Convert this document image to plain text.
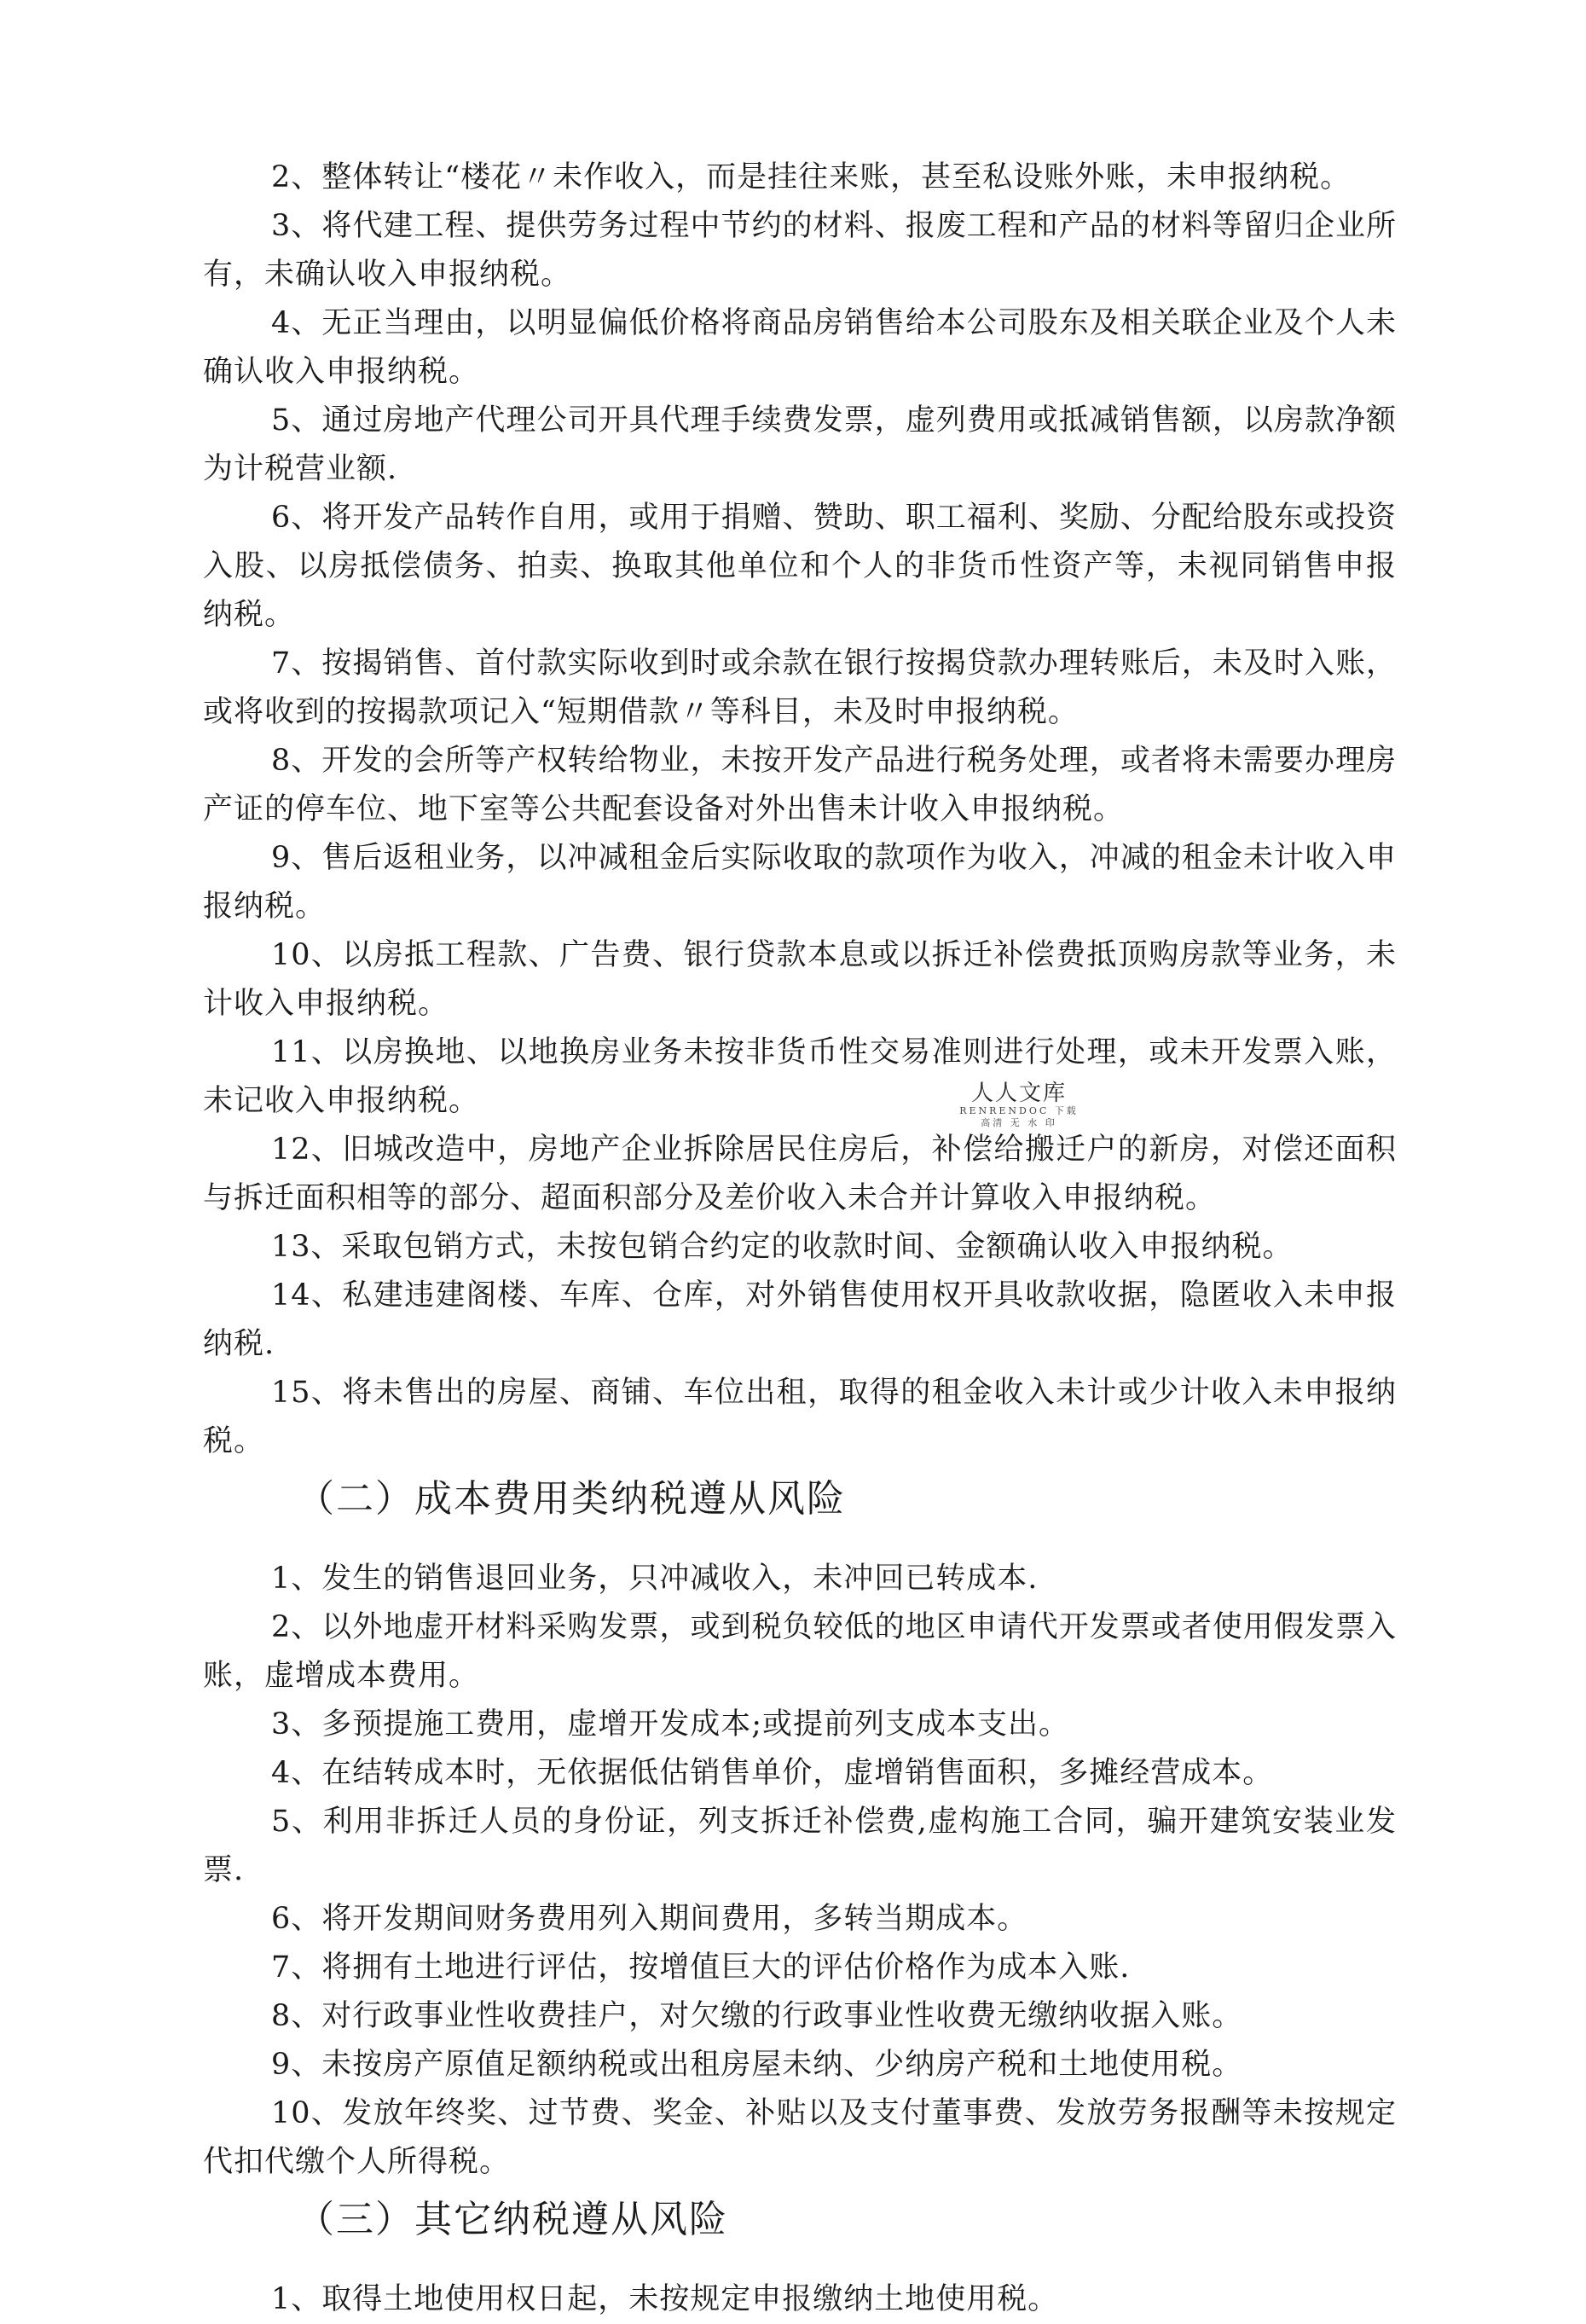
2、整体转让“楼花〃未作收入，而是挂往来账，甚至私设账外账，未申报纳税。

3、将代建工程、提供劳务过程中节约的材料、报废工程和产品的材料等留归企业所有，未确认收入申报纳税。

4、无正当理由，以明显偏低价格将商品房销售给本公司股东及相关联企业及个人未确认收入申报纳税。

5、通过房地产代理公司开具代理手续费发票，虚列费用或抵减销售额，以房款净额为计税营业额.

6、将开发产品转作自用，或用于捐赠、赞助、职工福利、奖励、分配给股东或投资入股、以房抵偿债务、拍卖、换取其他单位和个人的非货币性资产等，未视同销售申报纳税。

7、按揭销售、首付款实际收到时或余款在银行按揭贷款办理转账后，未及时入账，或将收到的按揭款项记入“短期借款〃等科目，未及时申报纳税。

8、开发的会所等产权转给物业，未按开发产品进行税务处理，或者将未需要办理房产证的停车位、地下室等公共配套设备对外出售未计收入申报纳税。

9、售后返租业务，以冲减租金后实际收取的款项作为收入，冲减的租金未计收入申报纳税。

10、以房抵工程款、广告费、银行贷款本息或以拆迁补偿费抵顶购房款等业务，未计收入申报纳税。

11、以房换地、以地换房业务未按非货币性交易准则进行处理，或未开发票入账，未记收入申报纳税。

12、旧城改造中，房地产企业拆除居民住房后，补偿给搬迁户的新房，对偿还面积与拆迁面积相等的部分、超面积部分及差价收入未合并计算收入申报纳税。

13、采取包销方式，未按包销合约定的收款时间、金额确认收入申报纳税。

14、私建违建阁楼、车库、仓库，对外销售使用权开具收款收据，隐匿收入未申报纳税.

15、将未售出的房屋、商铺、车位出租，取得的租金收入未计或少计收入未申报纳税。

（二）成本费用类纳税遵从风险

1、发生的销售退回业务，只冲减收入，未冲回已转成本.

2、以外地虚开材料采购发票，或到税负较低的地区申请代开发票或者使用假发票入账，虚增成本费用。

3、多预提施工费用，虚增开发成本;或提前列支成本支出。

4、在结转成本时，无依据低估销售单价，虚增销售面积，多摊经营成本。

5、利用非拆迁人员的身份证，列支拆迁补偿费,虚构施工合同，骗开建筑安装业发票.

6、将开发期间财务费用列入期间费用，多转当期成本。

7、将拥有土地进行评估，按增值巨大的评估价格作为成本入账.

8、对行政事业性收费挂户，对欠缴的行政事业性收费无缴纳收据入账。

9、未按房产原值足额纳税或出租房屋未纳、少纳房产税和土地使用税。

10、发放年终奖、过节费、奖金、补贴以及支付董事费、发放劳务报酬等未按规定代扣代缴个人所得税。

（三）其它纳税遵从风险

1、取得土地使用权日起，未按规定申报缴纳土地使用税。

人人文库
RENRENDOC 下载 高清 无 水 印
